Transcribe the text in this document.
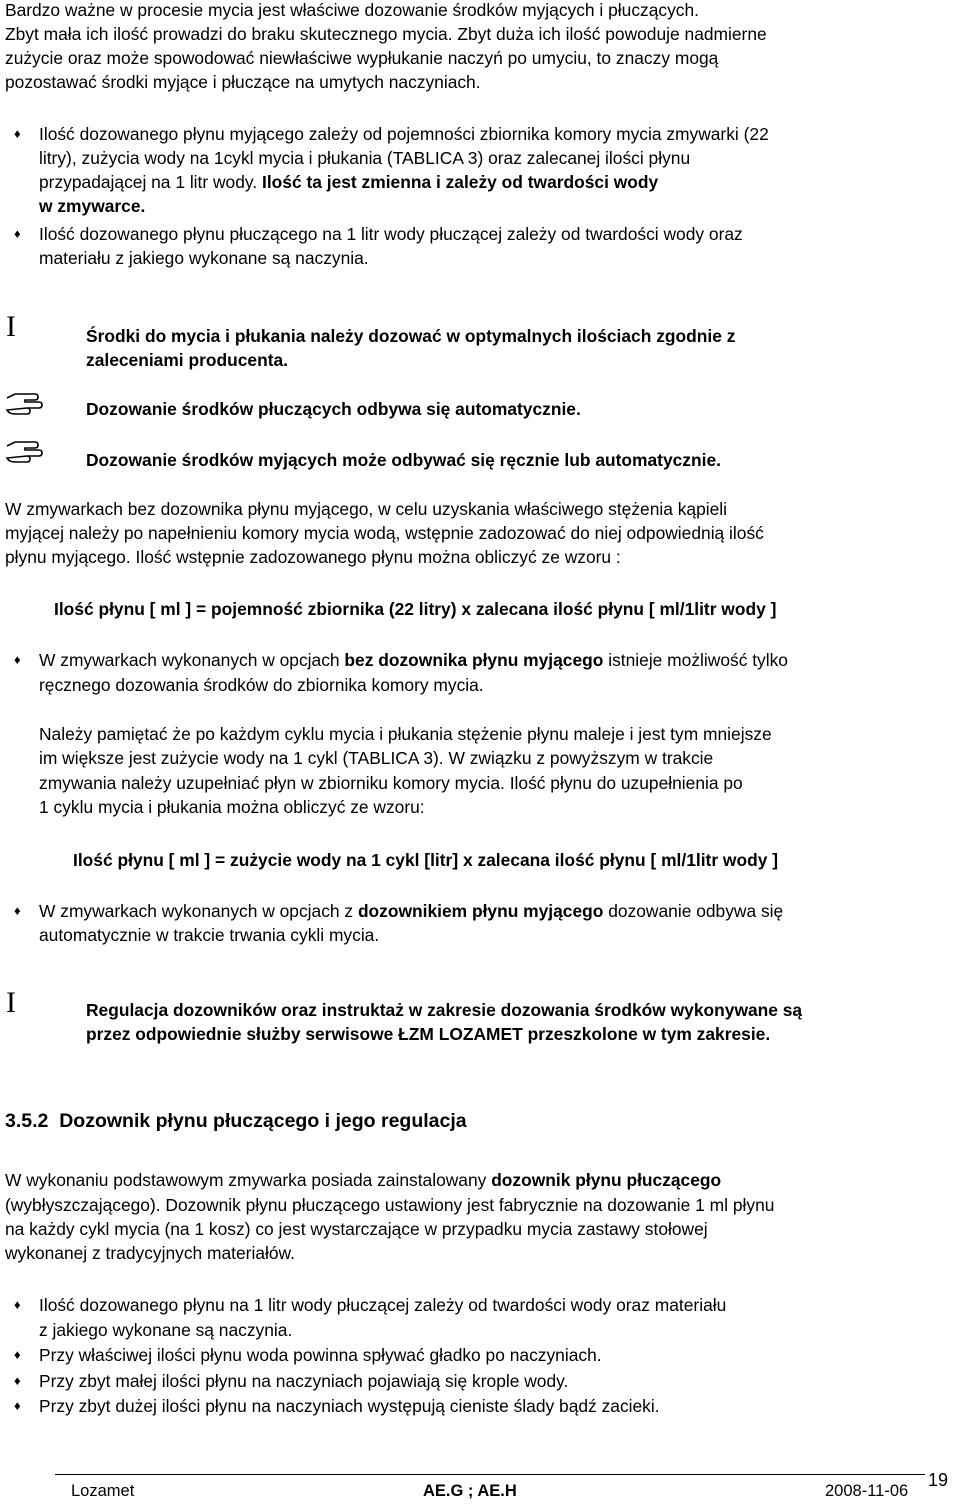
Bardzo ważne w procesie mycia jest właściwe dozowanie środków myjących i płuczących.
Zbyt mała ich ilość prowadzi do braku skutecznego mycia. Zbyt duża ich ilość powoduje nadmierne
zużycie oraz może spowodować niewłaściwe wypłukanie naczyń po umyciu, to znaczy mogą
pozostawać środki myjące i płuczące na umytych naczyniach.
♦ Ilość dozowanego płynu myjącego zależy od pojemności zbiornika komory mycia zmywarki (22
litry), zużycia wody na 1cykl mycia i płukania (TABLICA 3) oraz zalecanej ilości płynu
przypadającej na 1 litr wody. Ilość ta jest zmienna i zależy od twardości wody
w zmywarce.
♦ Ilość dozowanego płynu płuczącego na 1 litr wody płuczącej zależy od twardości wody oraz
materiału z jakiego wykonane są naczynia.
I	Środki do mycia i płukania należy dozować w optymalnych ilościach zgodnie z
zaleceniami producenta.
Dozowanie środków płuczących odbywa się automatycznie.
Dozowanie środków myjących może odbywać się ręcznie lub automatycznie.
W zmywarkach bez dozownika płynu myjącego, w celu uzyskania właściwego stężenia kąpieli
myjącej należy po napełnieniu komory mycia wodą, wstępnie zadozować do niej odpowiednią ilość
płynu myjącego. Ilość wstępnie zadozowanego płynu można obliczyć ze wzoru :
Ilość płynu [ ml ] = pojemność zbiornika (22 litry) x zalecana ilość płynu [ ml/1litr wody ]
♦ W zmywarkach wykonanych w opcjach bez dozownika płynu myjącego istnieje możliwość tylko
ręcznego dozowania środków do zbiornika komory mycia.
Należy pamiętać że po każdym cyklu mycia i płukania stężenie płynu maleje i jest tym mniejsze
im większe jest zużycie wody na 1 cykl (TABLICA 3). W związku z powyższym w trakcie
zmywania należy uzupełniać płyn w zbiorniku komory mycia. Ilość płynu do uzupełnienia po
1 cyklu mycia i płukania można obliczyć ze wzoru:
Ilość płynu [ ml ] = zużycie wody na 1 cykl [litr] x zalecana ilość płynu [ ml/1litr wody ]
♦ W zmywarkach wykonanych w opcjach z dozownikiem płynu myjącego dozowanie odbywa się
automatycznie w trakcie trwania cykli mycia.
I	Regulacja dozowników oraz instruktaż w zakresie dozowania środków wykonywane są
przez odpowiednie służby serwisowe ŁZM LOZAMET przeszkolone w tym zakresie.
3.5.2 Dozownik płynu płuczącego i jego regulacja
W wykonaniu podstawowym zmywarka posiada zainstalowany dozownik płynu płuczącego
(wybłyszczającego). Dozownik płynu płuczącego ustawiony jest fabrycznie na dozowanie 1 ml płynu
na każdy cykl mycia (na 1 kosz) co jest wystarczające w przypadku mycia zastawy stołowej
wykonanej z tradycyjnych materiałów.
♦ Ilość dozowanego płynu na 1 litr wody płuczącej zależy od twardości wody oraz materiału
z jakiego wykonane są naczynia.
♦ Przy właściwej ilości płynu woda powinna spływać gładko po naczyniach.
♦ Przy zbyt małej ilości płynu na naczyniach pojawiają się krople wody.
♦ Przy zbyt dużej ilości płynu na naczyniach występują cieniste ślady bądź zacieki.
Lozamet	AE.G ; AE.H	2008-11-06
19
